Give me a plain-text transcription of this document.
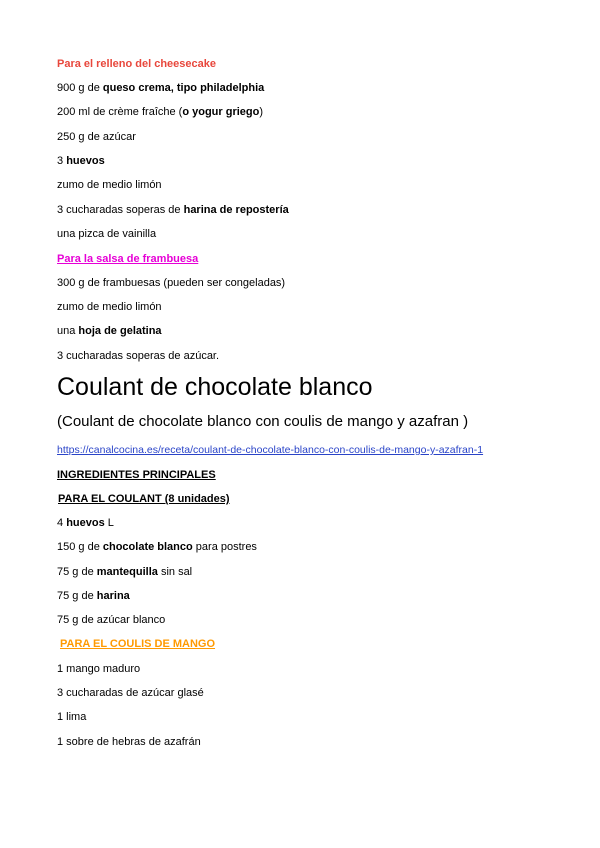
Para el relleno del cheesecake
900 g de queso crema, tipo philadelphia
200 ml de crème fraîche (o yogur griego)
250 g de azúcar
3 huevos
zumo de medio limón
3 cucharadas soperas de harina de repostería
una pizca de vainilla
Para la salsa de frambuesa
300 g de frambuesas (pueden ser congeladas)
zumo de medio limón
una hoja de gelatina
3 cucharadas soperas de azúcar.
Coulant de chocolate blanco
(Coulant de chocolate blanco con coulis de mango y azafran )
https://canalcocina.es/receta/coulant-de-chocolate-blanco-con-coulis-de-mango-y-azafran-1
INGREDIENTES PRINCIPALES
PARA EL COULANT (8 unidades)
4 huevos L
150 g de chocolate blanco para postres
75 g de mantequilla sin sal
75 g de harina
75 g de azúcar blanco
PARA EL COULIS DE MANGO
1 mango maduro
3 cucharadas de azúcar glasé
1 lima
1 sobre de hebras de azafrán
